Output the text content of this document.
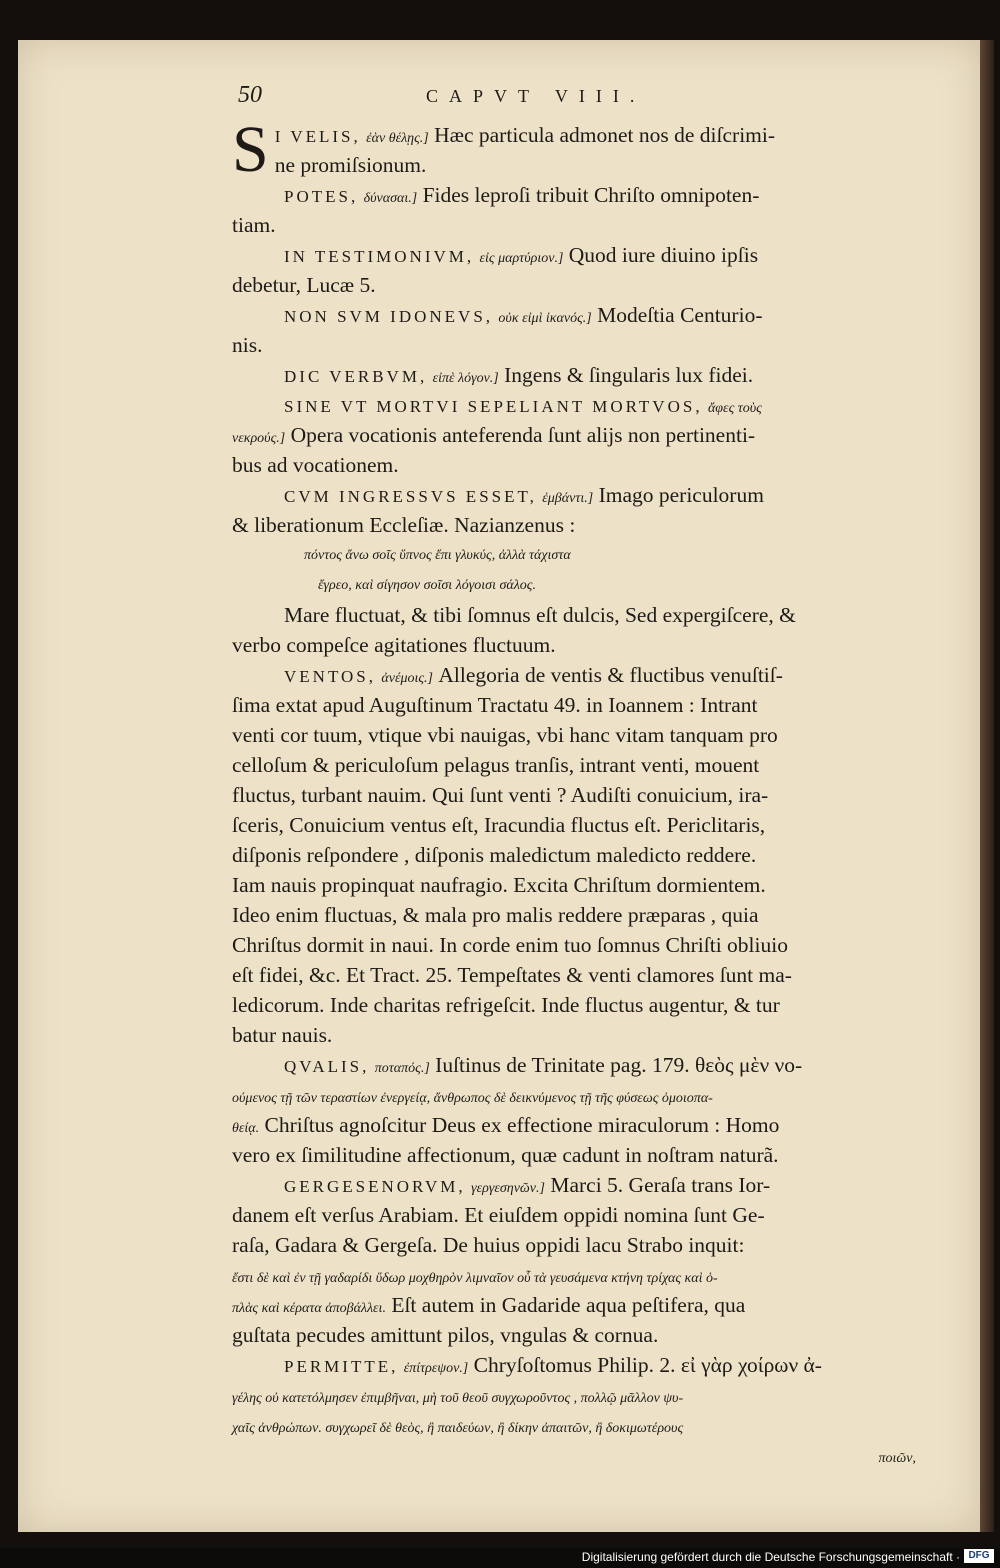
50	CAPVT VIII.
S I VELIS, ἐὰν θέλῃς.] Hæc particula admonet nos de diſcrimi-
ne promiſsionum.
POTES, δύνασαι.] Fides leproſi tribuit Chriſto omnipoten-
tiam.
IN TESTIMONIVM, εἰς μαρτύριον.] Quod iure diuino ipſis
debetur, Lucæ 5.
NON SVM IDONEVS, οὐκ εἰμὶ ἱκανός.] Modeſtia Centurio-
nis.
DIC VERBVM, εἰπὲ λόγον.] Ingens & ſingularis lux fidei.
SINE VT MORTVI SEPELIANT MORTVOS, ἄφες τοὺς
νεκρούς.] Opera vocationis anteferenda ſunt alijs non pertinenti-
bus ad vocationem.
CVM INGRESSVS ESSET, ἐμβάντι.] Imago periculorum
& liberationum Eccleſiæ. Nazianzenus :
πόντος ἄνω σοῖς ὕπνος ἔπι γλυκύς, ἀλλὰ τάχιστα
ἔγρεο, καὶ σίγησον σοῖσι λόγοισι σάλος.
Mare fluctuat, & tibi ſomnus eſt dulcis, Sed expergiſcere, &
verbo compeſce agitationes fluctuum.
VENTOS, ἀνέμοις.] Allegoria de ventis & fluctibus venuſtiſ-
ſima extat apud Auguſtinum Tractatu 49. in Ioannem : Intrant
venti cor tuum, vtique vbi nauigas, vbi hanc vitam tanquam pro
celloſum & periculoſum pelagus tranſis, intrant venti, mouent
fluctus, turbant nauim. Qui ſunt venti ? Audiſti conuicium, ira-
ſceris, Conuicium ventus eſt, Iracundia fluctus eſt. Periclitaris,
diſponis reſpondere , diſponis maledictum maledicto reddere.
Iam nauis propinquat naufragio. Excita Chriſtum dormientem.
Ideo enim fluctuas, & mala pro malis reddere præparas , quia
Chriſtus dormit in naui. In corde enim tuo ſomnus Chriſti obliuio
eſt fidei, &c. Et Tract. 25. Tempeſtates & venti clamores ſunt ma-
ledicorum. Inde charitas refrigeſcit. Inde fluctus augentur, & tur
batur nauis.
QVALIS, ποταπός.] Iuſtinus de Trinitate pag. 179. θεὸς μὲν νο-
ούμενος τῇ τῶν τεραστίων ἐνεργείᾳ, ἄνθρωπος δὲ δεικνύμενος τῇ τῆς φύσεως ὁμοιοπα-
θείᾳ. Chriſtus agnoſcitur Deus ex effectione miraculorum : Homo
vero ex ſimilitudine affectionum, quæ cadunt in noſtram naturã.
GERGESENORVM, γεργεσηνῶν.] Marci 5. Geraſa trans Ior-
danem eſt verſus Arabiam. Et eiuſdem oppidi nomina ſunt Ge-
raſa, Gadara & Gergeſa. De huius oppidi lacu Strabo inquit:
ἔστι δὲ καὶ ἐν τῇ γαδαρίδι ὕδωρ μοχθηρὸν λιμναῖον οὗ τὰ γευσάμενα κτήνη τρίχας καὶ ὁ-
πλὰς καὶ κέρατα ἀποβάλλει. Eſt autem in Gadaride aqua peſtifera, qua
guſtata pecudes amittunt pilos, vngulas & cornua.
PERMITTE, ἐπίτρεψον.] Chryſoſtomus Philip. 2. εἰ γὰρ χοίρων ἀ-
γέλης οὐ κατετόλμησεν ἐπιμβῆναι, μὴ τοῦ θεοῦ συγχωροῦντος , πολλῷ μᾶλλον ψυ-
χαῖς ἀνθρώπων. συγχωρεῖ δὲ θεὸς, ἢ παιδεύων, ἢ δίκην ἀπαιτῶν, ἢ δοκιμωτέρους
ποιῶν,
Digitalisierung gefördert durch die Deutsche Forschungsgemeinschaft · DFG
